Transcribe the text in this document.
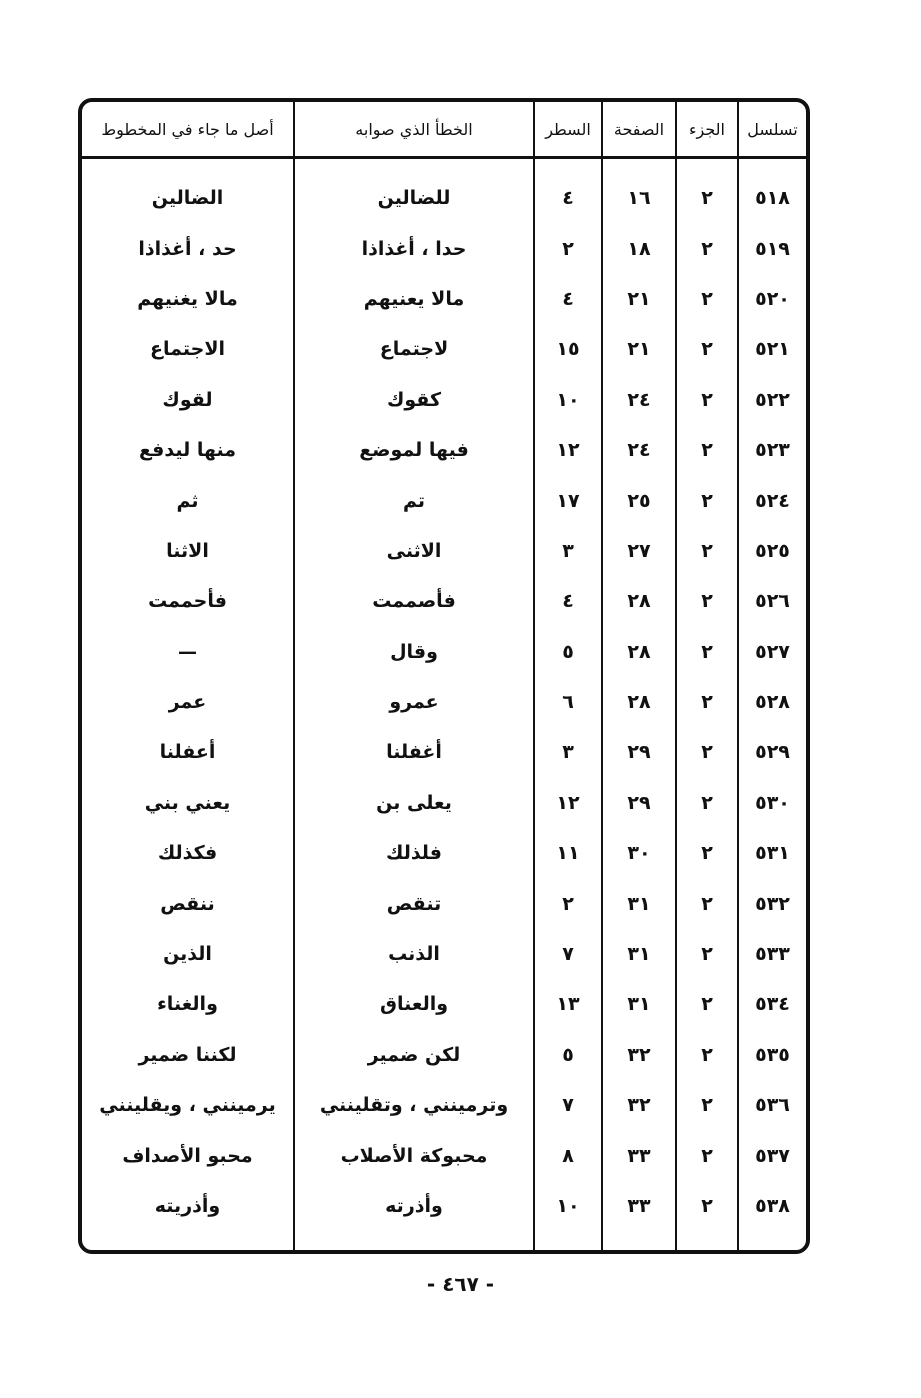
تسلسل	الجزء	الصفحة	السطر	الخطأ الذي صوابه	أصل ما جاء في المخطوط
٥١٨	٢	١٦	٤	للضالين	الضالين
٥١٩	٢	١٨	٢	حدا ، أغذاذا	حد ، أغذاذا
٥٢٠	٢	٢١	٤	مالا يعنيهم	مالا يغنيهم
٥٢١	٢	٢١	١٥	لاجتماع	الاجتماع
٥٢٢	٢	٢٤	١٠	كقوك	لقوك
٥٢٣	٢	٢٤	١٢	فيها لموضع	منها ليدفع
٥٢٤	٢	٢٥	١٧	تم	ثم
٥٢٥	٢	٢٧	٣	الاثنى	الاثنا
٥٢٦	٢	٢٨	٤	فأصممت	فأحممت
٥٢٧	٢	٢٨	٥	وقال	—
٥٢٨	٢	٢٨	٦	عمرو	عمر
٥٢٩	٢	٢٩	٣	أغفلنا	أعفلنا
٥٣٠	٢	٢٩	١٢	يعلى بن	يعني بني
٥٣١	٢	٣٠	١١	فلذلك	فكذلك
٥٣٢	٢	٣١	٢	تنقص	ننقص
٥٣٣	٢	٣١	٧	الذنب	الذين
٥٣٤	٢	٣١	١٣	والعناق	والغناء
٥٣٥	٢	٣٢	٥	لكن ضمير	لكننا ضمير
٥٣٦	٢	٣٢	٧	وترمينني ، وتقلينني	يرمينني ، ويقلينني
٥٣٧	٢	٣٣	٨	محبوكة الأصلاب	محبو الأصداف
٥٣٨	٢	٣٣	١٠	وأذرته	وأذريته

- ٤٦٧ -
